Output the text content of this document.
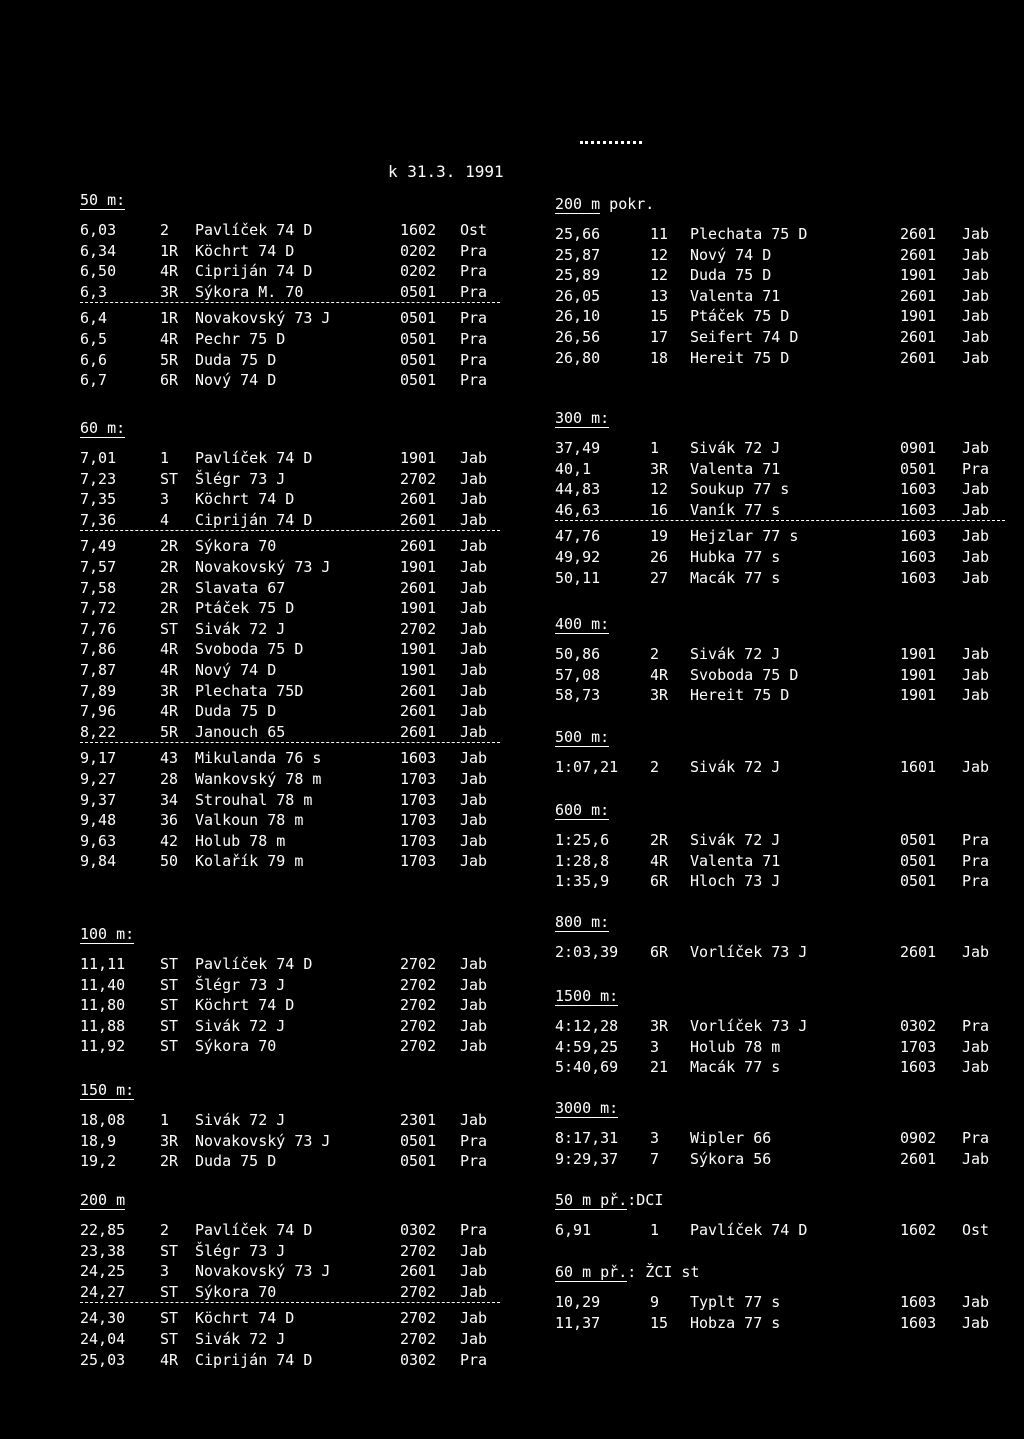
k 31.3. 1991
50 m:
6,03	2 Pavlíček 74 D	1602 Ost
6,34	1R Köchrt 74 D	0202 Pra
6,50	4R Cipriján 74 D	0202 Pra
6,3	3R Sýkora M. 70	0501 Pra
6,4	1R Novakovský 73 J	0501 Pra
6,5	4R Pechr 75 D	0501 Pra
6,6	5R Duda 75 D	0501 Pra
6,7	6R Nový 74 D	0501 Pra
60 m:
7,01	1 Pavlíček 74 D	1901 Jab
7,23	ST Šlégr 73 J	2702 Jab
7,35	3 Köchrt 74 D	2601 Jab
7,36	4 Cipriján 74 D	2601 Jab
7,49	2R Sýkora 70	2601 Jab
7,57	2R Novakovský 73 J	1901 Jab
7,58	2R Slavata 67	2601 Jab
7,72	2R Ptáček 75 D	1901 Jab
7,76	ST Sivák 72 J	2702 Jab
7,86	4R Svoboda 75 D	1901 Jab
7,87	4R Nový 74 D	1901 Jab
7,89	3R Plechata 75D	2601 Jab
7,96	4R Duda 75 D	2601 Jab
8,22	5R Janouch 65	2601 Jab
9,17	43 Mikulanda 76 s	1603 Jab
9,27	28 Wankovský 78 m	1703 Jab
9,37	34 Strouhal 78 m	1703 Jab
9,48	36 Valkoun 78 m	1703 Jab
9,63	42 Holub 78 m	1703 Jab
9,84	50 Kolařík 79 m	1703 Jab
100 m:
11,11 ST Pavlíček 74 D	2702 Jab
11,40 ST Šlégr 73 J	2702 Jab
11,80 ST Köchrt 74 D	2702 Jab
11,88 ST Sivák 72 J	2702 Jab
11,92 ST Sýkora 70	2702 Jab
150 m:
18,08 1 Sivák 72 J	2301 Jab
18,9	3R Novakovský 73 J	0501 Pra
19,2	2R Duda 75 D	0501 Pra
200 m
22,85 2 Pavlíček 74 D	0302 Pra
23,38 ST Šlégr 73 J	2702 Jab
24,25 3 Novakovský 73 J	2601 Jab
24,27 ST Sýkora 70	2702 Jab
24,30 ST Köchrt 74 D	2702 Jab
24,04 ST Sivák 72 J	2702 Jab
25,03 4R Cipriján 74 D	0302 Pra
200 m pokr.
25,66	11 Plechata 75 D	2601 Jab
25,87	12 Nový 74 D	2601 Jab
25,89	12 Duda 75 D	1901 Jab
26,05	13 Valenta 71	2601 Jab
26,10	15 Ptáček 75 D	1901 Jab
26,56	17 Seifert 74 D	2601 Jab
26,80	18 Hereit 75 D	2601 Jab
300 m:
37,49	1 Sivák 72 J	0901 Jab
40,1	3R Valenta 71	0501 Pra
44,83	12 Soukup 77 s	1603 Jab
46,63	16 Vaník 77 s	1603 Jab
47,76	19 Hejzlar 77 s	1603 Jab
49,92	26 Hubka 77 s	1603 Jab
50,11	27 Macák 77 s	1603 Jab
400 m:
50,86	2 Sivák 72 J	1901 Jab
57,08	4R Svoboda 75 D	1901 Jab
58,73	3R Hereit 75 D	1901 Jab
500 m:
1:07,21 2 Sivák 72 J	1601 Jab
600 m:
1:25,6	2R Sivák 72 J	0501 Pra
1:28,8	4R Valenta 71	0501 Pra
1:35,9	6R Hloch 73 J	0501 Pra
800 m:
2:03,39 6R Vorlíček 73 J	2601 Jab
1500 m:
4:12,28 3R Vorlíček 73 J	0302 Pra
4:59,25 3 Holub 78 m	1703 Jab
5:40,69 21 Macák 77 s	1603 Jab
3000 m:
8:17,31 3 Wipler 66	0902 Pra
9:29,37 7 Sýkora 56	2601 Jab
50 m př.:DCI
6,91	1 Pavlíček 74 D	1602 Ost
60 m př.: ŽCI st
10,29	9 Typlt 77 s	1603 Jab
11,37	15 Hobza 77 s	1603 Jab
